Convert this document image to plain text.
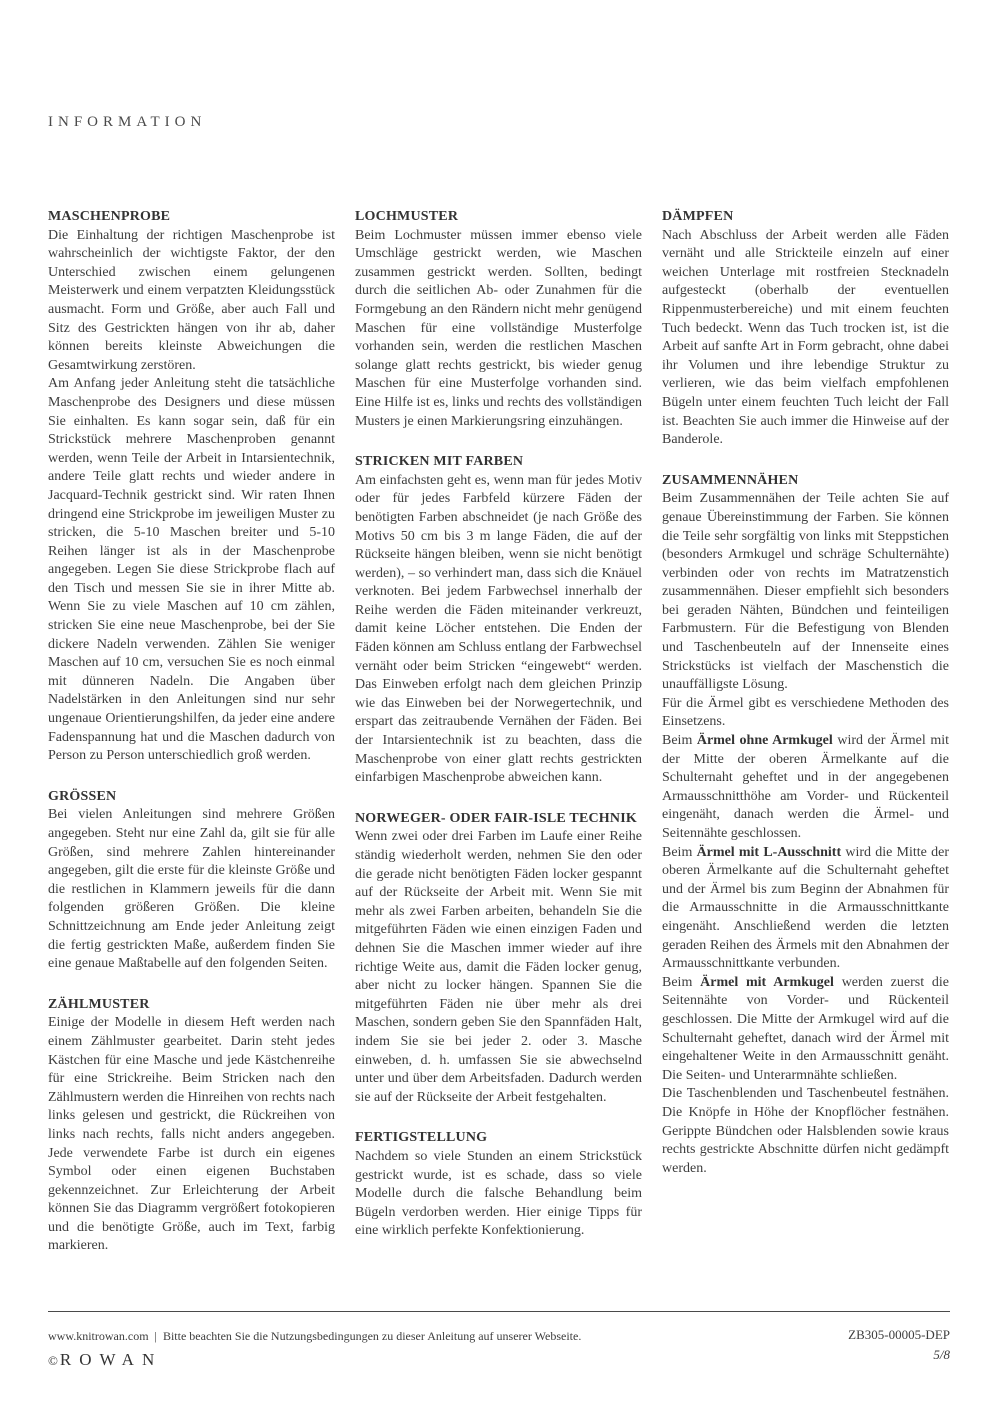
INFORMATION
MASCHENPROBE

Die Einhaltung der richtigen Maschenprobe ist wahrscheinlich der wichtigste Faktor, der den Unterschied zwischen einem gelungenen Meisterwerk und einem verpatzten Kleidungsstück ausmacht. Form und Größe, aber auch Fall und Sitz des Gestrickten hängen von ihr ab, daher können bereits kleinste Abweichungen die Gesamtwirkung zerstören.

Am Anfang jeder Anleitung steht die tatsächliche Maschenprobe des Designers und diese müssen Sie einhalten. Es kann sogar sein, daß für ein Strickstück mehrere Maschenproben genannt werden, wenn Teile der Arbeit in Intarsientechnik, andere Teile glatt rechts und wieder andere in Jacquard-Technik gestrickt sind. Wir raten Ihnen dringend eine Strickprobe im jeweiligen Muster zu stricken, die 5-10 Maschen breiter und 5-10 Reihen länger ist als in der Maschenprobe angegeben. Legen Sie diese Strickprobe flach auf den Tisch und messen Sie sie in ihrer Mitte ab. Wenn Sie zu viele Maschen auf 10 cm zählen, stricken Sie eine neue Maschenprobe, bei der Sie dickere Nadeln verwenden. Zählen Sie weniger Maschen auf 10 cm, versuchen Sie es noch einmal mit dünneren Nadeln. Die Angaben über Nadelstärken in den Anleitungen sind nur sehr ungenaue Orientierungshilfen, da jeder eine andere Fadenspannung hat und die Maschen dadurch von Person zu Person unterschiedlich groß werden.

GRÖSSEN

Bei vielen Anleitungen sind mehrere Größen angegeben. Steht nur eine Zahl da, gilt sie für alle Größen, sind mehrere Zahlen hintereinander angegeben, gilt die erste für die kleinste Größe und die restlichen in Klammern jeweils für die dann folgenden größeren Größen. Die kleine Schnittzeichnung am Ende jeder Anleitung zeigt die fertig gestrickten Maße, außerdem finden Sie eine genaue Maßtabelle auf den folgenden Seiten.

ZÄHLMUSTER

Einige der Modelle in diesem Heft werden nach einem Zählmuster gearbeitet. Darin steht jedes Kästchen für eine Masche und jede Kästchenreihe für eine Strickreihe. Beim Stricken nach den Zählmustern werden die Hinreihen von rechts nach links gelesen und gestrickt, die Rückreihen von links nach rechts, falls nicht anders angegeben. Jede verwendete Farbe ist durch ein eigenes Symbol oder einen eigenen Buchstaben gekennzeichnet. Zur Erleichterung der Arbeit können Sie das Diagramm vergrößert fotokopieren und die benötigte Größe, auch im Text, farbig markieren.

LOCHMUSTER

Beim Lochmuster müssen immer ebenso viele Umschläge gestrickt werden, wie Maschen zusammen gestrickt werden. Sollten, bedingt durch die seitlichen Ab- oder Zunahmen für die Formgebung an den Rändern nicht mehr genügend Maschen für eine vollständige Musterfolge vorhanden sein, werden die restlichen Maschen solange glatt rechts gestrickt, bis wieder genug Maschen für eine Musterfolge vorhanden sind. Eine Hilfe ist es, links und rechts des vollständigen Musters je einen Markierungsring einzuhängen.

STRICKEN MIT FARBEN

Am einfachsten geht es, wenn man für jedes Motiv oder für jedes Farbfeld kürzere Fäden der benötigten Farben abschneidet (je nach Größe des Motivs 50 cm bis 3 m lange Fäden, die auf der Rückseite hängen bleiben, wenn sie nicht benötigt werden), – so verhindert man, dass sich die Knäuel verknoten. Bei jedem Farbwechsel innerhalb der Reihe werden die Fäden miteinander verkreuzt, damit keine Löcher entstehen. Die Enden der Fäden können am Schluss entlang der Farbwechsel vernäht oder beim Stricken “eingewebt“ werden. Das Einweben erfolgt nach dem gleichen Prinzip wie das Einweben bei der Norwegertechnik, und erspart das zeitraubende Vernähen der Fäden. Bei der Intarsientechnik ist zu beachten, dass die Maschenprobe von einer glatt rechts gestrickten einfarbigen Maschenprobe abweichen kann.

NORWEGER- ODER FAIR-ISLE TECHNIK

Wenn zwei oder drei Farben im Laufe einer Reihe ständig wiederholt werden, nehmen Sie den oder die gerade nicht benötigten Fäden locker gespannt auf der Rückseite der Arbeit mit. Wenn Sie mit mehr als zwei Farben arbeiten, behandeln Sie die mitgeführten Fäden wie einen einzigen Faden und dehnen Sie die Maschen immer wieder auf ihre richtige Weite aus, damit die Fäden locker genug, aber nicht zu locker hängen. Spannen Sie die mitgeführten Fäden nie über mehr als drei Maschen, sondern geben Sie den Spannfäden Halt, indem Sie sie bei jeder 2. oder 3. Masche einweben, d. h. umfassen Sie sie abwechselnd unter und über dem Arbeitsfaden. Dadurch werden sie auf der Rückseite der Arbeit festgehalten.

FERTIGSTELLUNG

Nachdem so viele Stunden an einem Strickstück gestrickt wurde, ist es schade, dass so viele Modelle durch die falsche Behandlung beim Bügeln verdorben werden. Hier einige Tipps für eine wirklich perfekte Konfektionierung.

DÄMPFEN

Nach Abschluss der Arbeit werden alle Fäden vernäht und alle Strickteile einzeln auf einer weichen Unterlage mit rostfreien Stecknadeln aufgesteckt (oberhalb der eventuellen Rippenmusterbereiche) und mit einem feuchten Tuch bedeckt. Wenn das Tuch trocken ist, ist die Arbeit auf sanfte Art in Form gebracht, ohne dabei ihr Volumen und ihre lebendige Struktur zu verlieren, wie das beim vielfach empfohlenen Bügeln unter einem feuchten Tuch leicht der Fall ist. Beachten Sie auch immer die Hinweise auf der Banderole.

ZUSAMMENNÄHEN

Beim Zusammennähen der Teile achten Sie auf genaue Übereinstimmung der Farben. Sie können die Teile sehr sorgfältig von links mit Steppstichen (besonders Armkugel und schräge Schulternähte) verbinden oder von rechts im Matratzenstich zusammennähen. Dieser empfiehlt sich besonders bei geraden Nähten, Bündchen und feinteiligen Farbmustern. Für die Befestigung von Blenden und Taschenbeuteln auf der Innenseite eines Strickstücks ist vielfach der Maschenstich die unauffälligste Lösung.

Für die Ärmel gibt es verschiedene Methoden des Einsetzens.

Beim Ärmel ohne Armkugel wird der Ärmel mit der Mitte der oberen Ärmelkante auf die Schulternaht geheftet und in der angegebenen Armausschnitthöhe am Vorder- und Rückenteil eingenäht, danach werden die Ärmel- und Seitennähte geschlossen.

Beim Ärmel mit L-Ausschnitt wird die Mitte der oberen Ärmelkante auf die Schulternaht geheftet und der Ärmel bis zum Beginn der Abnahmen für die Armausschnitte in die Armausschnittkante eingenäht. Anschließend werden die letzten geraden Reihen des Ärmels mit den Abnahmen der Armausschnittkante verbunden.

Beim Ärmel mit Armkugel werden zuerst die Seitennähte von Vorder- und Rückenteil geschlossen. Die Mitte der Armkugel wird auf die Schulternaht geheftet, danach wird der Ärmel mit eingehaltener Weite in den Armausschnitt genäht. Die Seiten- und Unterarmnähte schließen.

Die Taschenblenden und Taschenbeutel festnähen. Die Knöpfe in Höhe der Knopflöcher festnähen. Gerippte Bündchen oder Halsblenden sowie kraus rechts gestrickte Abschnitte dürfen nicht gedämpft werden.

www.knitrowan.com | Bitte beachten Sie die Nutzungsbedingungen zu dieser Anleitung auf unserer Webseite.	ZB305-00005-DEP
5/8
© ROWAN
